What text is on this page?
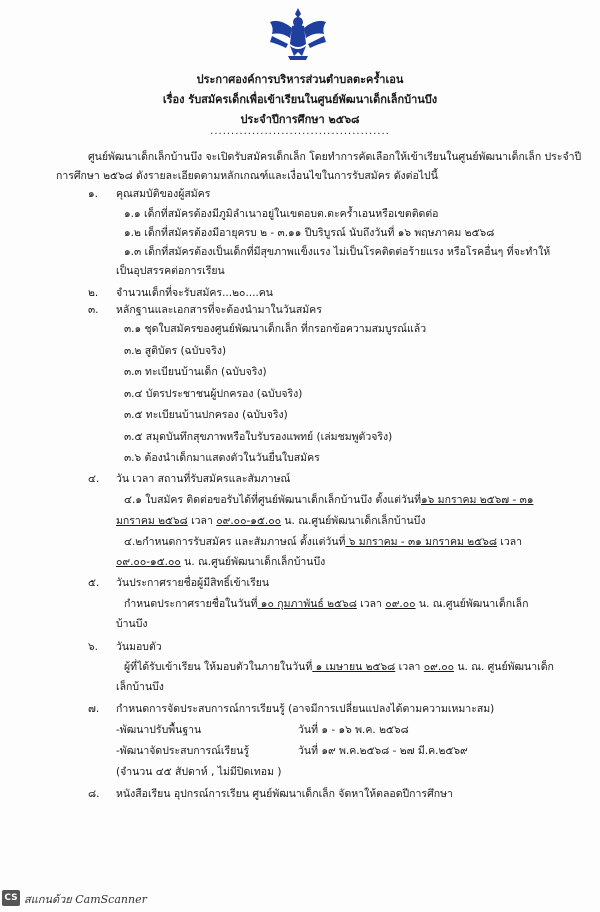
ประกาศองค์การบริหารส่วนตำบลตะคร้ำเอน
เรื่อง รับสมัครเด็กเพื่อเข้าเรียนในศูนย์พัฒนาเด็กเล็กบ้านบึง
ประจำปีการศึกษา ๒๕๖๘
...........................................
ศูนย์พัฒนาเด็กเล็กบ้านบึง จะเปิดรับสมัครเด็กเล็ก โดยทำการคัดเลือกให้เข้าเรียนในศูนย์พัฒนาเด็กเล็ก ประจำปี
การศึกษา ๒๕๖๘ ดังรายละเอียดตามหลักเกณฑ์และเงื่อนไขในการรับสมัคร ดังต่อไปนี้
๑. คุณสมบัติของผู้สมัคร
๑.๑ เด็กที่สมัครต้องมีภูมิลำเนาอยู่ในเขตอบต.ตะคร้ำเอนหรือเขตติดต่อ
๑.๒ เด็กที่สมัครต้องมีอายุครบ ๒ - ๓.๑๑ ปีบริบูรณ์ นับถึงวันที่ ๑๖ พฤษภาคม ๒๕๖๘
๑.๓ เด็กที่สมัครต้องเป็นเด็กที่มีสุขภาพแข็งแรง ไม่เป็นโรคติดต่อร้ายแรง หรือโรคอื่นๆ ที่จะทำให้
เป็นอุปสรรคต่อการเรียน
๒. จำนวนเด็กที่จะรับสมัคร...๒๐....คน
๓. หลักฐานและเอกสารที่จะต้องนำมาในวันสมัคร
๓.๑ ชุดใบสมัครของศูนย์พัฒนาเด็กเล็ก ที่กรอกข้อความสมบูรณ์แล้ว
๓.๒ สูติบัตร (ฉบับจริง)
๓.๓ ทะเบียนบ้านเด็ก (ฉบับจริง)
๓.๔ บัตรประชาชนผู้ปกครอง (ฉบับจริง)
๓.๕ ทะเบียนบ้านปกครอง (ฉบับจริง)
๓.๕ สมุดบันทึกสุขภาพหรือใบรับรองแพทย์ (เล่มชมพูตัวจริง)
๓.๖ ต้องนำเด็กมาแสดงตัวในวันยื่นใบสมัคร
๔. วัน เวลา สถานที่รับสมัครและสัมภาษณ์
๔.๑ ใบสมัคร ติดต่อขอรับได้ที่ศูนย์พัฒนาเด็กเล็กบ้านบึง ตั้งแต่วันที่๑๖ มกราคม ๒๕๖๗ - ๓๑
มกราคม ๒๕๖๘ เวลา ๐๙.๐๐-๑๕.๐๐ น. ณ.ศูนย์พัฒนาเด็กเล็กบ้านบึง
๔.๒กำหนดการรับสมัคร และสัมภาษณ์ ตั้งแต่วันที่ ๖ มกราคม - ๓๑ มกราคม ๒๕๖๘ เวลา
๐๙.๐๐-๑๕.๐๐ น. ณ.ศูนย์พัฒนาเด็กเล็กบ้านบึง
๕. วันประกาศรายชื่อผู้มีสิทธิ์เข้าเรียน
กำหนดประกาศรายชื่อในวันที่ ๑๐ กุมภาพันธ์ ๒๕๖๘ เวลา ๐๙.๐๐ น. ณ.ศูนย์พัฒนาเด็กเล็ก
บ้านบึง
๖. วันมอบตัว
ผู้ที่ได้รับเข้าเรียน ให้มอบตัวในภายในวันที่ ๑ เมษายน ๒๕๖๘ เวลา ๐๙.๐๐ น. ณ. ศูนย์พัฒนาเด็ก
เล็กบ้านบึง
๗. กำหนดการจัดประสบการณ์การเรียนรู้ (อาจมีการเปลี่ยนแปลงได้ตามความเหมาะสม)
-พัฒนาปรับพื้นฐาน	วันที่ ๑ - ๑๖ พ.ค. ๒๕๖๘
-พัฒนาจัดประสบการณ์เรียนรู้	วันที่ ๑๙ พ.ค.๒๕๖๘ - ๒๗ มี.ค.๒๕๖๙
(จำนวน ๔๕ สัปดาห์ , ไม่มีปิดเทอม )
๘. หนังสือเรียน อุปกรณ์การเรียน ศูนย์พัฒนาเด็กเล็ก จัดหาให้ตลอดปีการศึกษา
CS สแกนด้วย CamScanner
